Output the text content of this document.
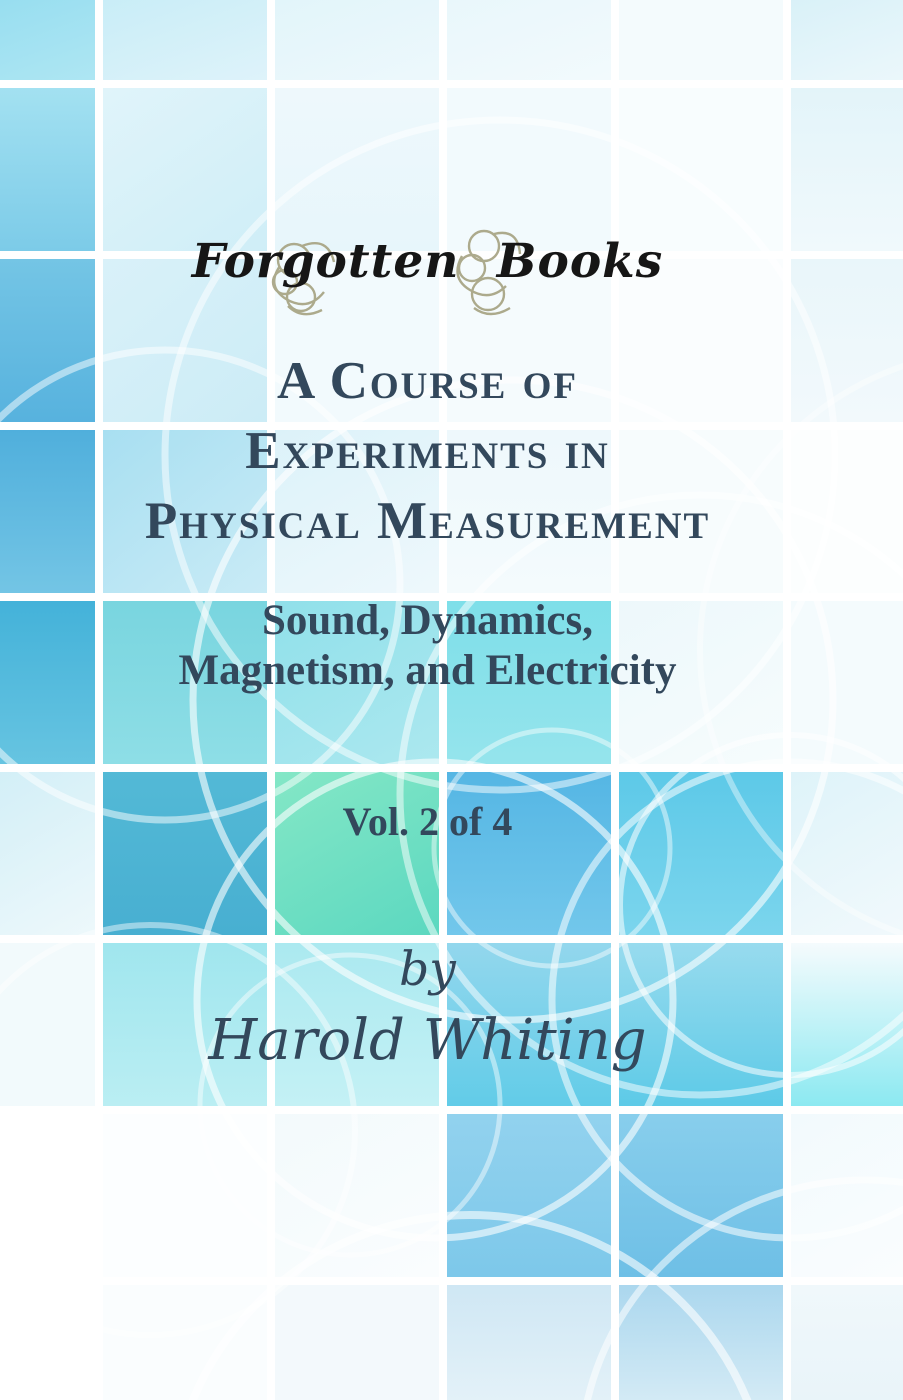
Forgotten Books
A Course of
Experiments in
Physical Measurement
Sound, Dynamics,
Magnetism, and Electricity
Vol. 2 of 4
by
Harold Whiting
